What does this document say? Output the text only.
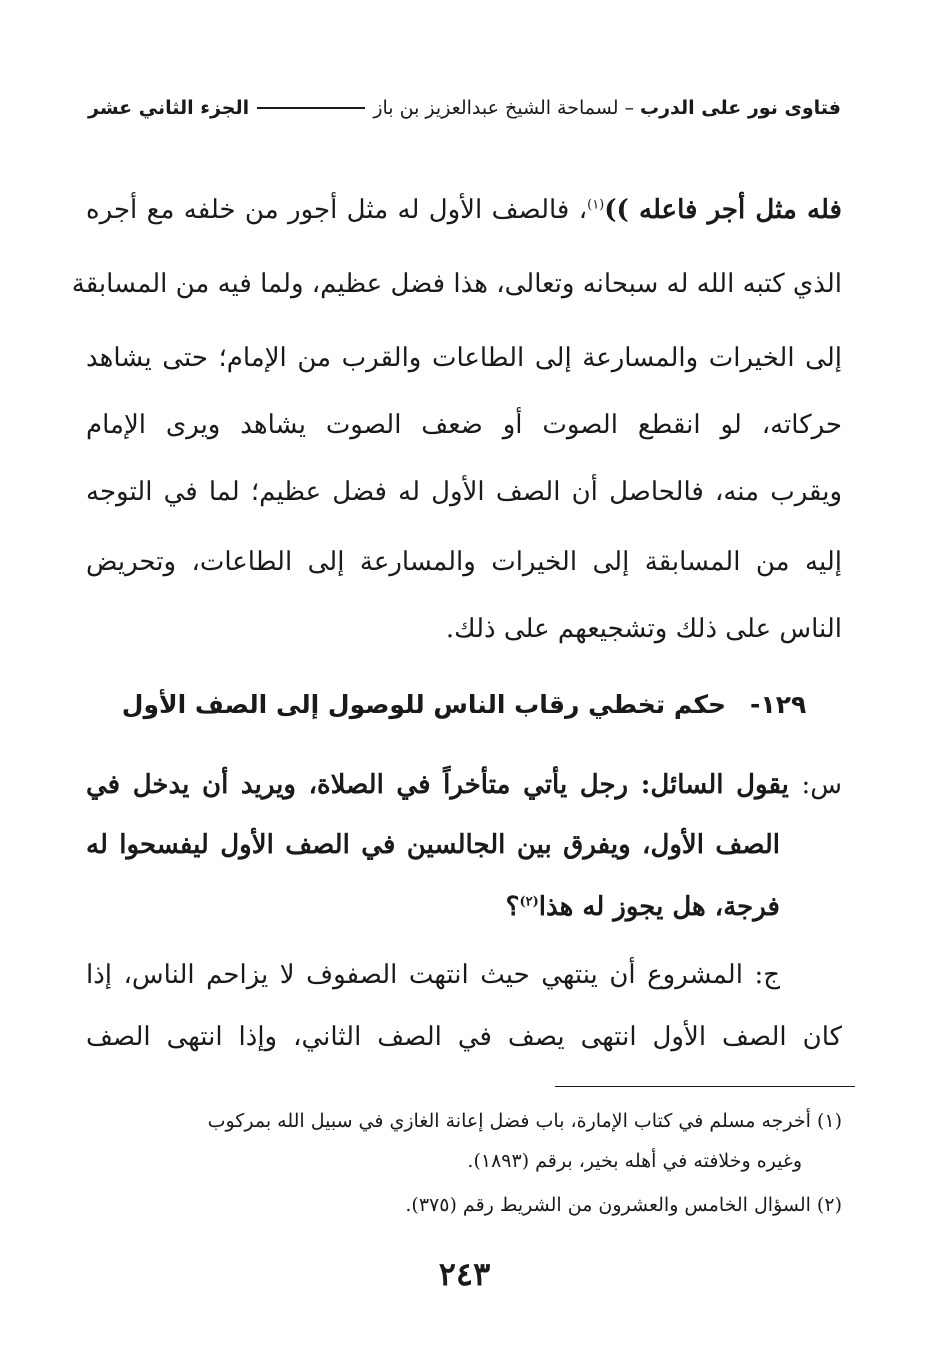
فتاوى نور على الدرب
–
لسماحة الشيخ عبدالعزيز بن باز
الجزء الثاني عشر
فله مثل أجر فاعله ))$^{(١)}$، فالصف الأول له مثل أجور من خلفه مع أجره
الذي كتبه الله له سبحانه وتعالى، هذا فضل عظيم، ولما فيه من المسابقة
إلى الخيرات والمسارعة إلى الطاعات والقرب من الإمام؛ حتى يشاهد
حركاته، لو انقطع الصوت أو ضعف الصوت يشاهد ويرى الإمام
ويقرب منه، فالحاصل أن الصف الأول له فضل عظيم؛ لما في التوجه
إليه من المسابقة إلى الخيرات والمسارعة إلى الطاعات، وتحريض
الناس على ذلك وتشجيعهم على ذلك.
١٢٩-حكم تخطي رقاب الناس للوصول إلى الصف الأول
س: يقول السائل: رجل يأتي متأخراً في الصلاة، ويريد أن يدخل في
الصف الأول، ويفرق بين الجالسين في الصف الأول ليفسحوا له
فرجة، هل يجوز له هذا$^{(٢)}$؟
ج: المشروع أن ينتهي حيث انتهت الصفوف لا يزاحم الناس، إذا
كان الصف الأول انتهى يصف في الصف الثاني، وإذا انتهى الصف
(١) أخرجه مسلم في كتاب الإمارة، باب فضل إعانة الغازي في سبيل الله بمركوب
وغيره وخلافته في أهله بخير، برقم (١٨٩٣).
(٢) السؤال الخامس والعشرون من الشريط رقم (٣٧٥).
٢٤٣
